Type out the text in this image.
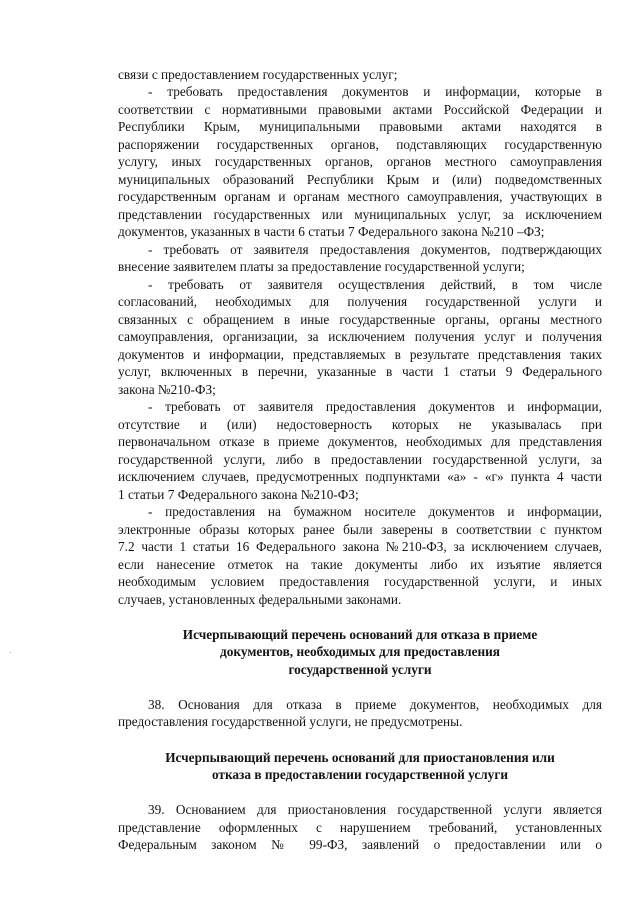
связи с предоставлением государственных услуг;
- требовать предоставления документов и информации, которые в
соответствии с нормативными правовыми актами Российской Федерации и
Республики Крым, муниципальными правовыми актами находятся в
распоряжении государственных органов, подставляющих государственную
услугу, иных государственных органов, органов местного самоуправления
муниципальных образований Республики Крым и (или) подведомственных
государственным органам и органам местного самоуправления, участвующих в
представлении государственных или муниципальных услуг, за исключением
документов, указанных в части 6 статьи 7 Федерального закона №210 –ФЗ;
- требовать от заявителя предоставления документов, подтверждающих
внесение заявителем платы за предоставление государственной услуги;
- требовать от заявителя осуществления действий, в том числе
согласований, необходимых для получения государственной услуги и
связанных с обращением в иные государственные органы, органы местного
самоуправления, организации, за исключением получения услуг и получения
документов и информации, представляемых в результате представления таких
услуг, включенных в перечни, указанные в части 1 статьи 9 Федерального
закона №210-ФЗ;
- требовать от заявителя предоставления документов и информации,
отсутствие и (или) недостоверность которых не указывалась при
первоначальном отказе в приеме документов, необходимых для представления
государственной услуги, либо в предоставлении государственной услуги, за
исключением случаев, предусмотренных подпунктами «а» - «г» пункта 4 части
1 статьи 7 Федерального закона №210-ФЗ;
- предоставления на бумажном носителе документов и информации,
электронные образы которых ранее были заверены в соответствии с пунктом
7.2 части 1 статьи 16 Федерального закона №210-ФЗ, за исключением случаев,
если нанесение отметок на такие документы либо их изъятие является
необходимым условием предоставления государственной услуги, и иных
случаев, установленных федеральными законами.
Исчерпывающий перечень оснований для отказа в приеме
документов, необходимых для предоставления
государственной услуги
38. Основания для отказа в приеме документов, необходимых для
предоставления государственной услуги, не предусмотрены.
Исчерпывающий перечень оснований для приостановления или
отказа в предоставлении государственной услуги
39. Основанием для приостановления государственной услуги является
представление оформленных с нарушением требований, установленных
Федеральным законом № 99-ФЗ, заявлений о предоставлении или о
